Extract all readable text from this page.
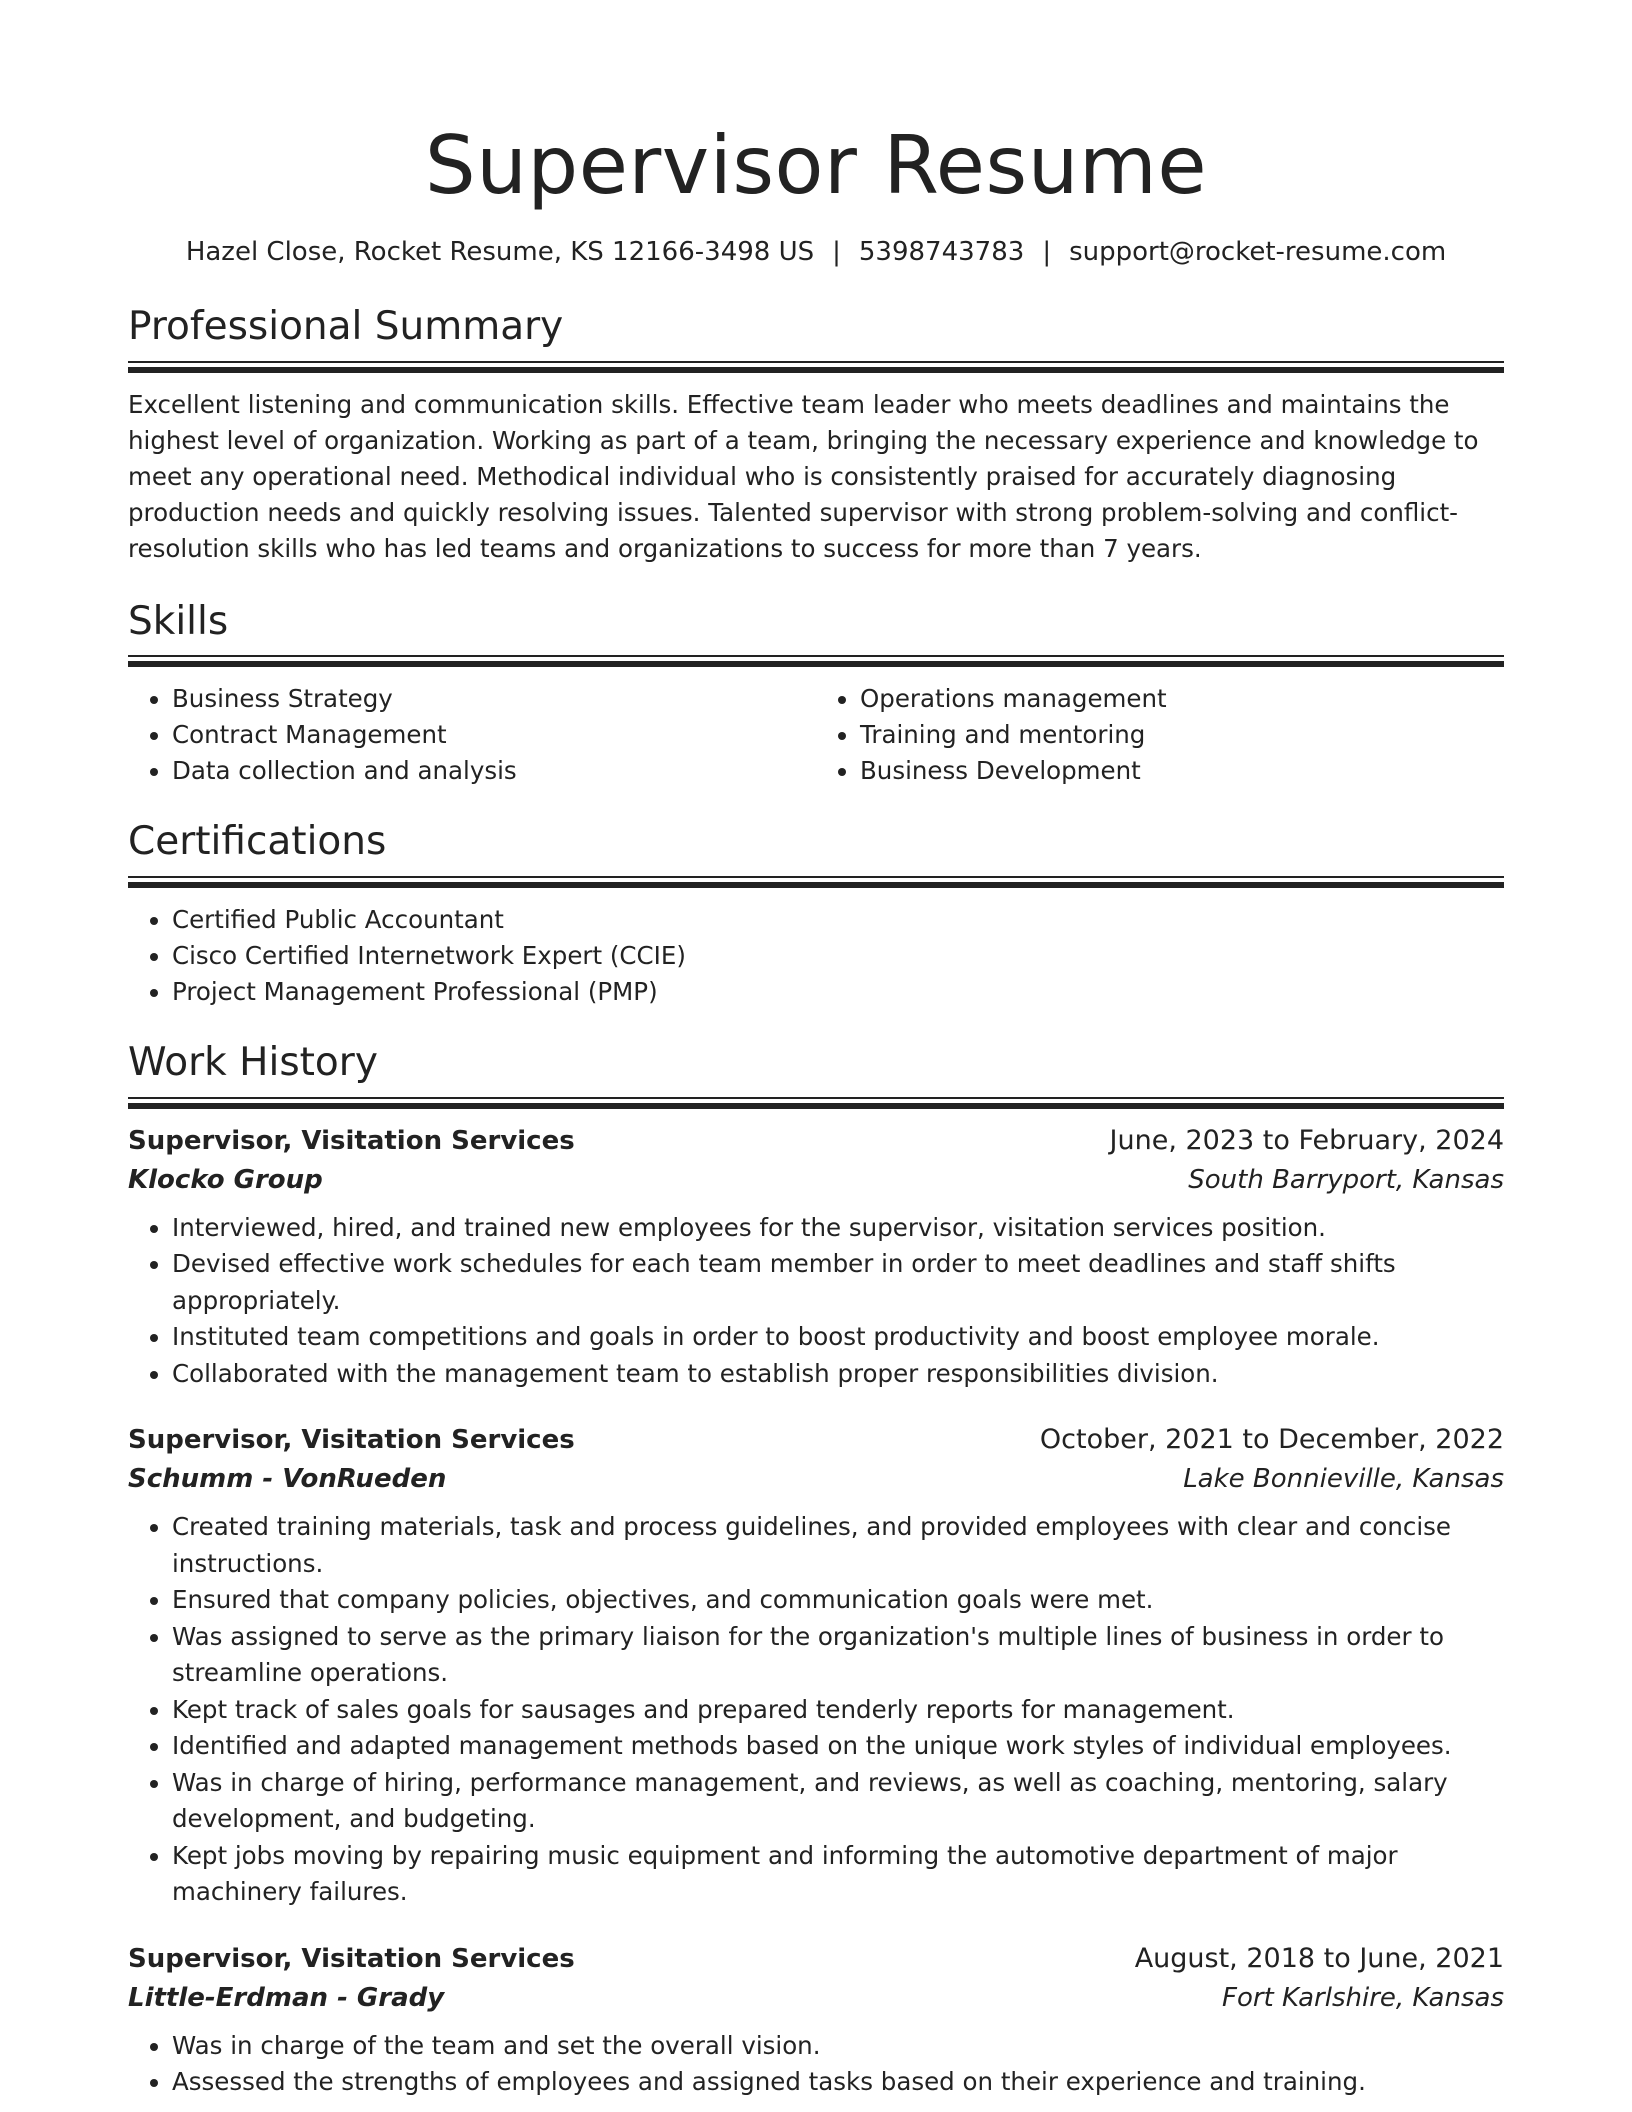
Supervisor Resume
Hazel Close, Rocket Resume, KS 12166-3498 US | 5398743783 | support@rocket-resume.com
Professional Summary
Excellent listening and communication skills. Effective team leader who meets deadlines and maintains the highest level of organization. Working as part of a team, bringing the necessary experience and knowledge to meet any operational need. Methodical individual who is consistently praised for accurately diagnosing production needs and quickly resolving issues. Talented supervisor with strong problem-solving and conflict-resolution skills who has led teams and organizations to success for more than 7 years.
Skills
• Business Strategy
• Contract Management
• Data collection and analysis
• Operations management
• Training and mentoring
• Business Development
Certifications
• Certified Public Accountant
• Cisco Certified Internetwork Expert (CCIE)
• Project Management Professional (PMP)
Work History
Supervisor, Visitation Services	June, 2023 to February, 2024
Klocko Group	South Barryport, Kansas
• Interviewed, hired, and trained new employees for the supervisor, visitation services position.
• Devised effective work schedules for each team member in order to meet deadlines and staff shifts appropriately.
• Instituted team competitions and goals in order to boost productivity and boost employee morale.
• Collaborated with the management team to establish proper responsibilities division.
Supervisor, Visitation Services	October, 2021 to December, 2022
Schumm - VonRueden	Lake Bonnieville, Kansas
• Created training materials, task and process guidelines, and provided employees with clear and concise instructions.
• Ensured that company policies, objectives, and communication goals were met.
• Was assigned to serve as the primary liaison for the organization's multiple lines of business in order to streamline operations.
• Kept track of sales goals for sausages and prepared tenderly reports for management.
• Identified and adapted management methods based on the unique work styles of individual employees.
• Was in charge of hiring, performance management, and reviews, as well as coaching, mentoring, salary development, and budgeting.
• Kept jobs moving by repairing music equipment and informing the automotive department of major machinery failures.
Supervisor, Visitation Services	August, 2018 to June, 2021
Little-Erdman - Grady	Fort Karlshire, Kansas
• Was in charge of the team and set the overall vision.
• Assessed the strengths of employees and assigned tasks based on their experience and training.
